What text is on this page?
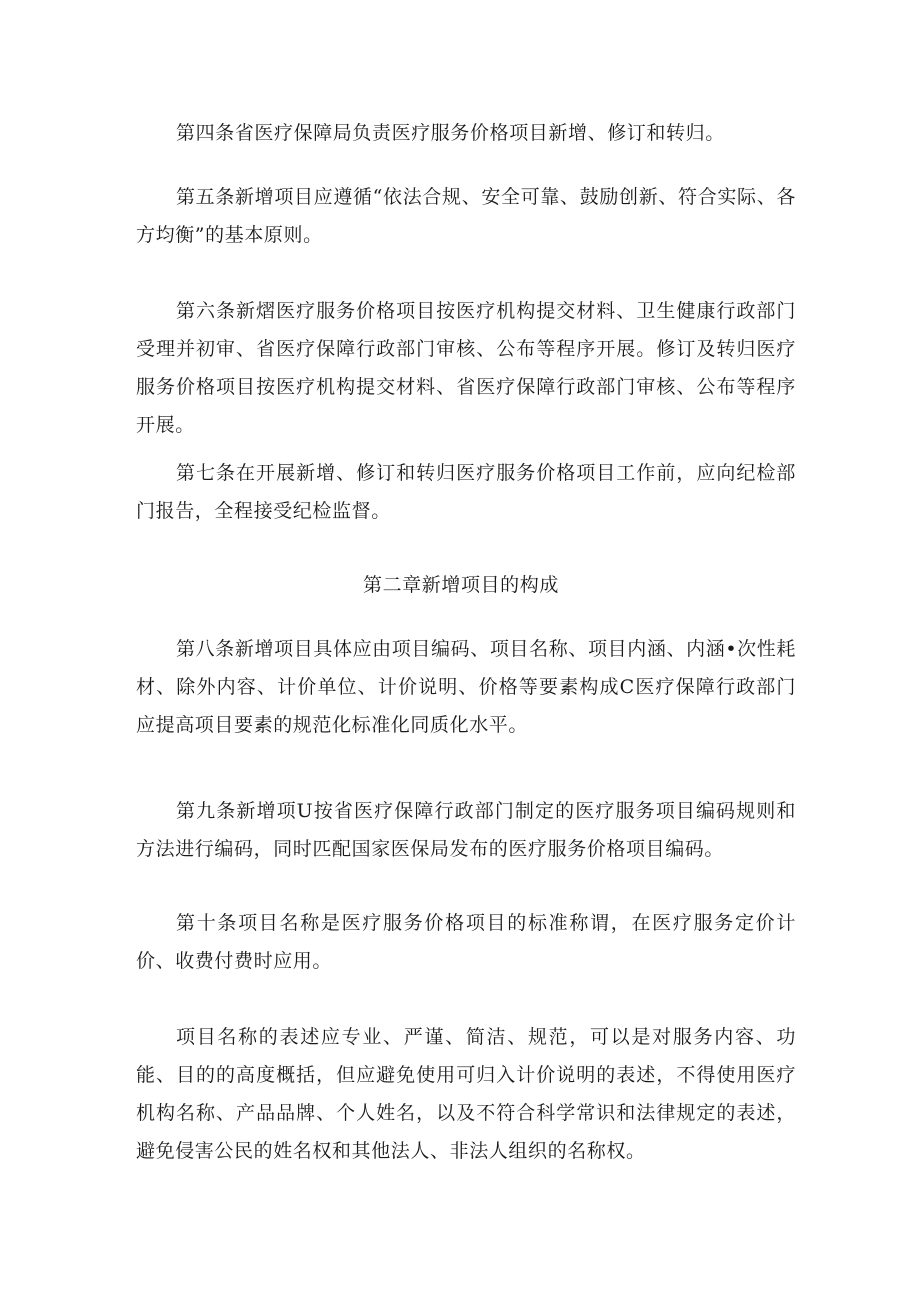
第四条省医疗保障局负责医疗服务价格项目新增、修订和转归。

第五条新增项目应遵循“依法合规、安全可靠、鼓励创新、符合实际、各方均衡”的基本原则。

第六条新熠医疗服务价格项目按医疗机构提交材料、卫生健康行政部门受理并初审、省医疗保障行政部门审核、公布等程序开展。修订及转归医疗服务价格项目按医疗机构提交材料、省医疗保障行政部门审核、公布等程序开展。

第七条在开展新增、修订和转归医疗服务价格项目工作前，应向纪检部门报告，全程接受纪检监督。

第二章新增项目的构成

第八条新增项目具体应由项目编码、项目名称、项目内涵、内涵•次性耗材、除外内容、计价单位、计价说明、价格等要素构成C医疗保障行政部门应提高项目要素的规范化标准化同质化水平。

第九条新增项U按省医疗保障行政部门制定的医疗服务项目编码规则和方法进行编码，同时匹配国家医保局发布的医疗服务价格项目编码。

第十条项目名称是医疗服务价格项目的标准称谓，在医疗服务定价计价、收费付费时应用。

项目名称的表述应专业、严谨、简洁、规范，可以是对服务内容、功能、目的的高度概括，但应避免使用可归入计价说明的表述，不得使用医疗机构名称、产品品牌、个人姓名，以及不符合科学常识和法律规定的表述，避免侵害公民的姓名权和其他法人、非法人组织的名称权。
